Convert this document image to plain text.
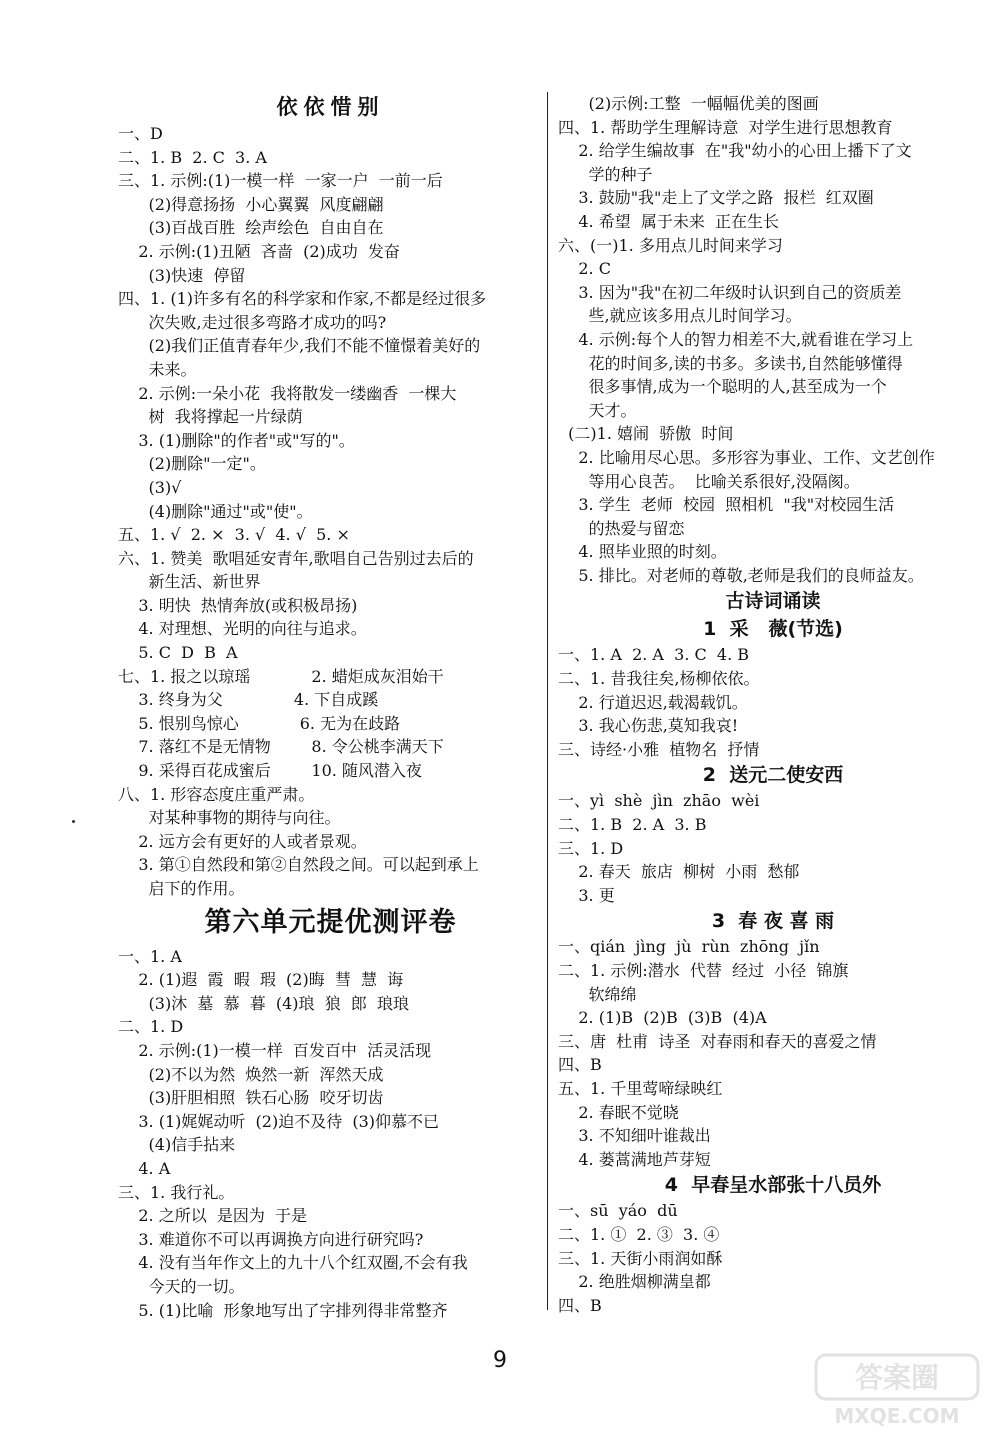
依依惜别
一、D
二、1. B  2. C  3. A
三、1. 示例:(1)一模一样  一家一户  一前一后
(2)得意扬扬  小心翼翼  风度翩翩
(3)百战百胜  绘声绘色  自由自在
2. 示例:(1)丑陋  吝啬  (2)成功  发奋
(3)快速  停留
四、1. (1)许多有名的科学家和作家,不都是经过很多
次失败,走过很多弯路才成功的吗?
(2)我们正值青春年少,我们不能不憧憬着美好的
未来。
2. 示例:一朵小花  我将散发一缕幽香  一棵大
树  我将撑起一片绿荫
3. (1)删除"的作者"或"写的"。
(2)删除"一定"。
(3)√
(4)删除"通过"或"使"。
五、1. √  2. ×  3. √  4. √  5. ×
六、1. 赞美  歌唱延安青年,歌唱自己告别过去后的
新生活、新世界
3. 明快  热情奔放(或积极昂扬)
4. 对理想、光明的向往与追求。
5. C  D  B  A
七、1. 报之以琼瑶            2. 蜡炬成灰泪始干
3. 终身为父              4. 下自成蹊
5. 恨别鸟惊心            6. 无为在歧路
7. 落红不是无情物        8. 令公桃李满天下
9. 采得百花成蜜后        10. 随风潜入夜
八、1. 形容态度庄重严肃。
对某种事物的期待与向往。
2. 远方会有更好的人或者景观。
3. 第①自然段和第②自然段之间。可以起到承上
启下的作用。
第六单元提优测评卷
一、1. A
2. (1)遐  霞  暇  瑕  (2)晦  彗  慧  诲
(3)沐  墓  慕  暮  (4)琅  狼  郎  琅琅
二、1. D
2. 示例:(1)一模一样  百发百中  活灵活现
(2)不以为然  焕然一新  浑然天成
(3)肝胆相照  铁石心肠  咬牙切齿
3. (1)娓娓动听  (2)迫不及待  (3)仰慕不已
(4)信手拈来
4. A
三、1. 我行礼。
2. 之所以  是因为  于是
3. 难道你不可以再调换方向进行研究吗?
4. 没有当年作文上的九十八个红双圈,不会有我
今天的一切。
5. (1)比喻  形象地写出了字排列得非常整齐
(2)示例:工整  一幅幅优美的图画
四、1. 帮助学生理解诗意  对学生进行思想教育
2. 给学生编故事  在"我"幼小的心田上播下了文
学的种子
3. 鼓励"我"走上了文学之路  报栏  红双圈
4. 希望  属于未来  正在生长
六、(一)1. 多用点儿时间来学习
2. C
3. 因为"我"在初二年级时认识到自己的资质差
些,就应该多用点儿时间学习。
4. 示例:每个人的智力相差不大,就看谁在学习上
花的时间多,读的书多。多读书,自然能够懂得
很多事情,成为一个聪明的人,甚至成为一个
天才。
(二)1. 嬉闹  骄傲  时间
2. 比喻用尽心思。多形容为事业、工作、文艺创作
等用心良苦。  比喻关系很好,没隔阂。
3. 学生  老师  校园  照相机  "我"对校园生活
的热爱与留恋
4. 照毕业照的时刻。
5. 排比。对老师的尊敬,老师是我们的良师益友。
古诗词诵读
1  采   薇(节选)
一、1. A  2. A  3. C  4. B
二、1. 昔我往矣,杨柳依依。
2. 行道迟迟,载渴载饥。
3. 我心伤悲,莫知我哀!
三、诗经·小雅  植物名  抒情
2  送元二使安西
一、yì  shè  jìn  zhāo  wèi
二、1. B  2. A  3. B
三、1. D
2. 春天  旅店  柳树  小雨  愁郁
3. 更
3  春 夜 喜 雨
一、qián  jìng  jù  rùn  zhōng  jǐn
二、1. 示例:潜水  代替  经过  小径  锦旗
软绵绵
2. (1)B  (2)B  (3)B  (4)A
三、唐  杜甫  诗圣  对春雨和春天的喜爱之情
四、B
五、1. 千里莺啼绿映红
2. 春眠不觉晓
3. 不知细叶谁裁出
4. 蒌蒿满地芦芽短
4  早春呈水部张十八员外
一、sū  yáo  dū
二、1. ①  2. ③  3. ④
三、1. 天街小雨润如酥
2. 绝胜烟柳满皇都
四、B
9
答案圈
MXQE.COM
